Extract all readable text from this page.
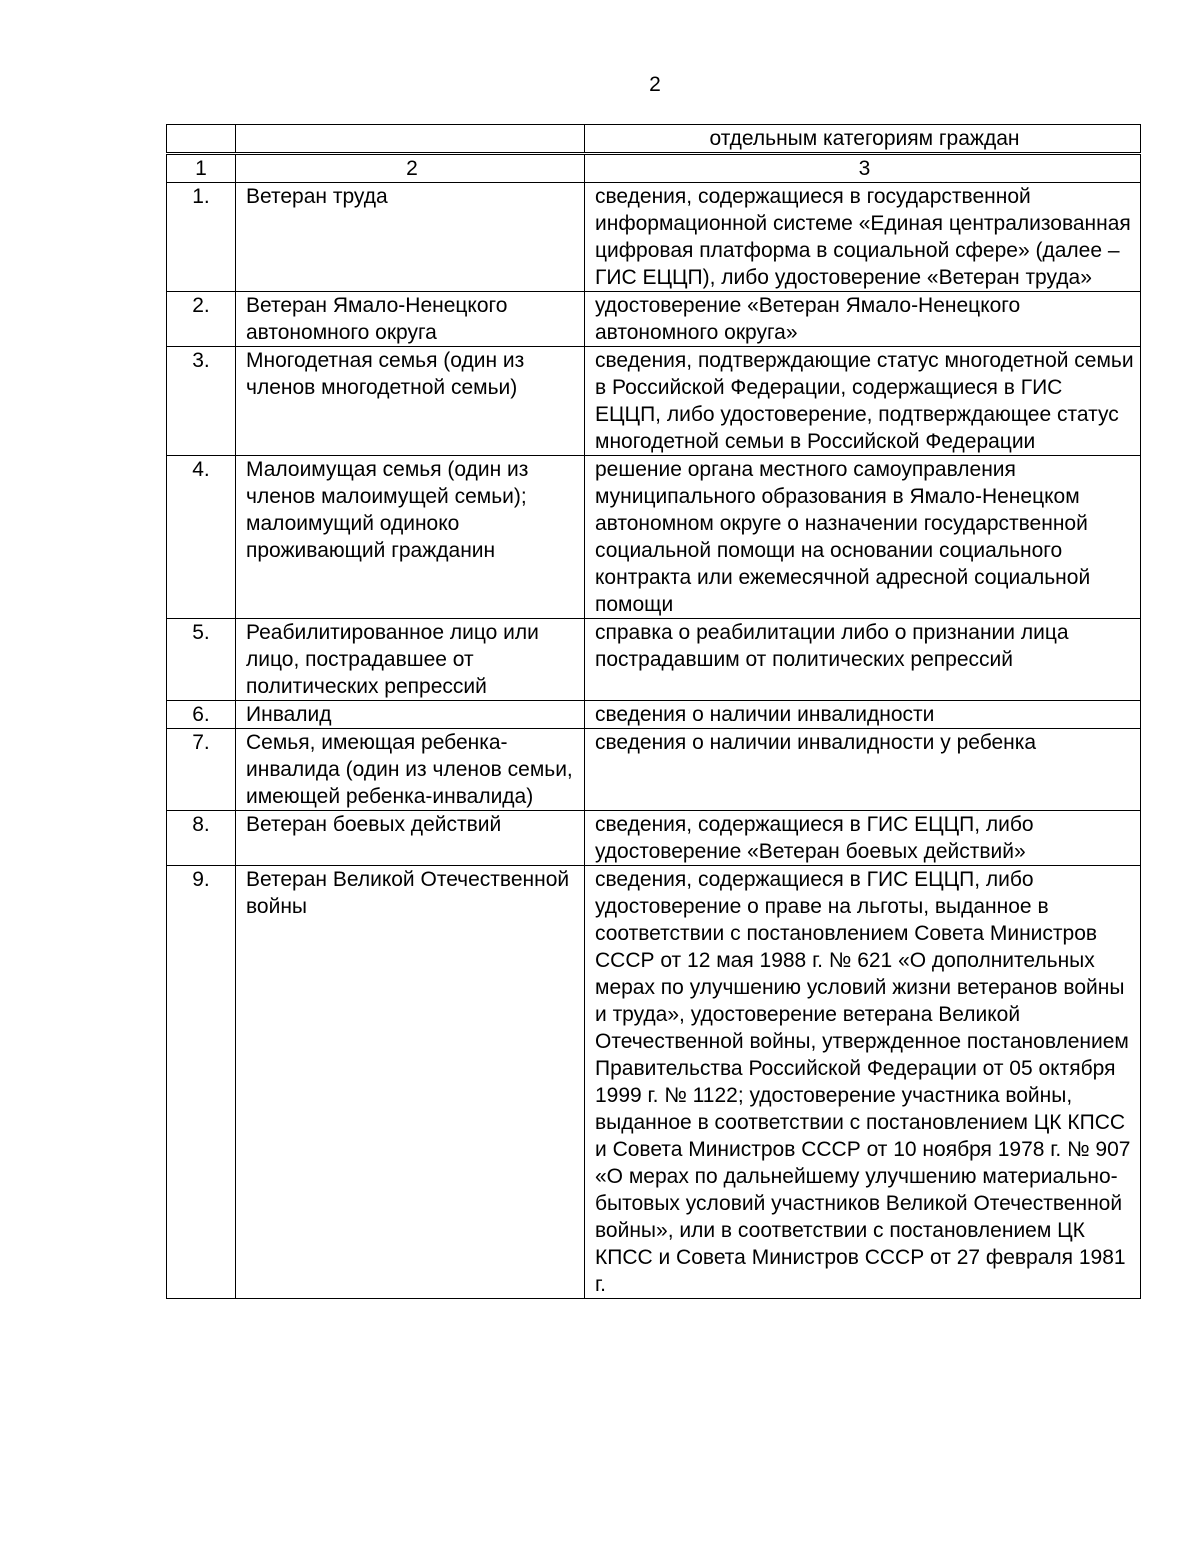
2
		отдельным категориям граждан
1	2	3
1.	Ветеран труда	сведения, содержащиеся в государственной информационной системе «Единая централизованная цифровая платформа в социальной сфере» (далее – ГИС ЕЦЦП), либо удостоверение «Ветеран труда»
2.	Ветеран Ямало-Ненецкого автономного округа	удостоверение «Ветеран Ямало-Ненецкого автономного округа»
3.	Многодетная семья (один из членов многодетной семьи)	сведения, подтверждающие статус многодетной семьи в Российской Федерации, содержащиеся в ГИС ЕЦЦП, либо удостоверение, подтверждающее статус многодетной семьи в Российской Федерации
4.	Малоимущая семья (один из членов малоимущей семьи); малоимущий одиноко проживающий гражданин	решение органа местного самоуправления муниципального образования в Ямало-Ненецком автономном округе о назначении государственной социальной помощи на основании социального контракта или ежемесячной адресной социальной помощи
5.	Реабилитированное лицо или лицо, пострадавшее от политических репрессий	справка о реабилитации либо о признании лица пострадавшим от политических репрессий
6.	Инвалид	сведения о наличии инвалидности
7.	Семья, имеющая ребенка-инвалида (один из членов семьи, имеющей ребенка-инвалида)	сведения о наличии инвалидности у ребенка
8.	Ветеран боевых действий	сведения, содержащиеся в ГИС ЕЦЦП, либо удостоверение «Ветеран боевых действий»
9.	Ветеран Великой Отечественной войны	сведения, содержащиеся в ГИС ЕЦЦП, либо удостоверение о праве на льготы, выданное в соответствии с постановлением Совета Министров СССР от 12 мая 1988 г. № 621 «О дополнительных мерах по улучшению условий жизни ветеранов войны и труда», удостоверение ветерана Великой Отечественной войны, утвержденное постановлением Правительства Российской Федерации от 05 октября 1999 г. № 1122; удостоверение участника войны, выданное в соответствии с постановлением ЦК КПСС и Совета Министров СССР от 10 ноября 1978 г. № 907 «О мерах по дальнейшему улучшению материально-бытовых условий участников Великой Отечественной войны», или в соответствии с постановлением ЦК КПСС и Совета Министров СССР от 27 февраля 1981 г.
